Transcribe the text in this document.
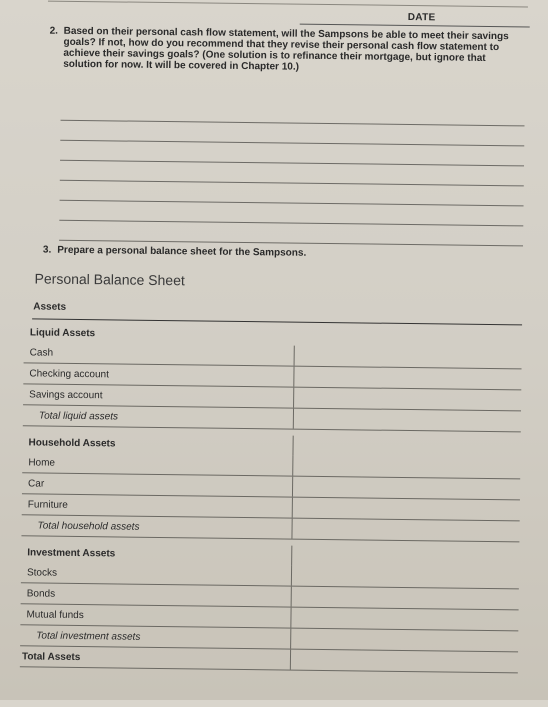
DATE
2. Based on their personal cash flow statement, will the Sampsons be able to meet their savings goals? If not, how do you recommend that they revise their personal cash flow statement to achieve their savings goals? (One solution is to refinance their mortgage, but ignore that solution for now. It will be covered in Chapter 10.)
3. Prepare a personal balance sheet for the Sampsons.
Personal Balance Sheet
Assets
Liquid Assets
Cash
Checking account
Savings account
Total liquid assets
Household Assets
Home
Car
Furniture
Total household assets
Investment Assets
Stocks
Bonds
Mutual funds
Total investment assets
Total Assets
